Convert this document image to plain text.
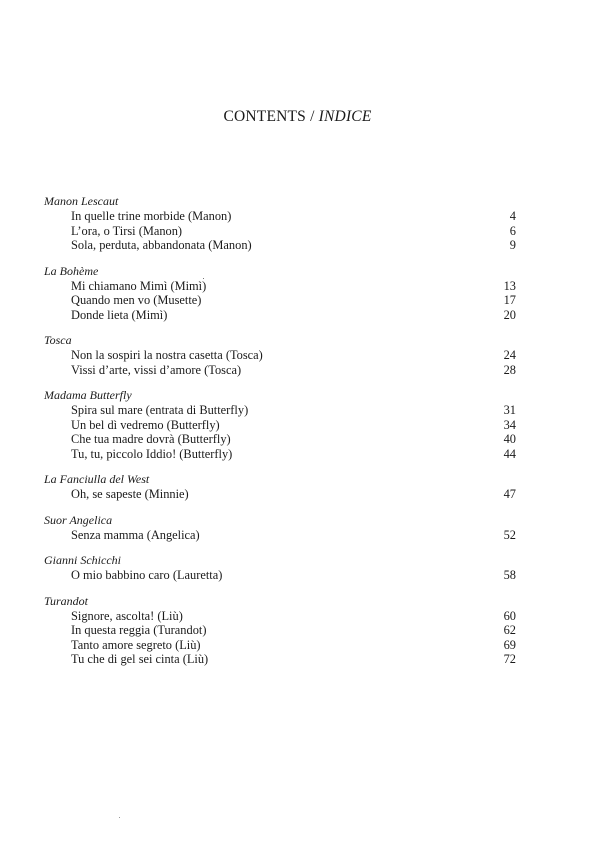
CONTENTS / INDICE
Manon Lescaut
In quelle trine morbide (Manon)	4
L’ora, o Tirsi (Manon)	6
Sola, perduta, abbandonata (Manon)	9
La Bohème
Mi chiamano Mimì (Mimì)	13
Quando men vo (Musette)	17
Donde lieta (Mimì)	20
Tosca
Non la sospiri la nostra casetta (Tosca)	24
Vissi d’arte, vissi d’amore (Tosca)	28
Madama Butterfly
Spira sul mare (entrata di Butterfly)	31
Un bel dì vedremo (Butterfly)	34
Che tua madre dovrà (Butterfly)	40
Tu, tu, piccolo Iddio! (Butterfly)	44
La Fanciulla del West
Oh, se sapeste (Minnie)	47
Suor Angelica
Senza mamma (Angelica)	52
Gianni Schicchi
O mio babbino caro (Lauretta)	58
Turandot
Signore, ascolta! (Liù)	60
In questa reggia (Turandot)	62
Tanto amore segreto (Liù)	69
Tu che di gel sei cinta (Liù)	72
